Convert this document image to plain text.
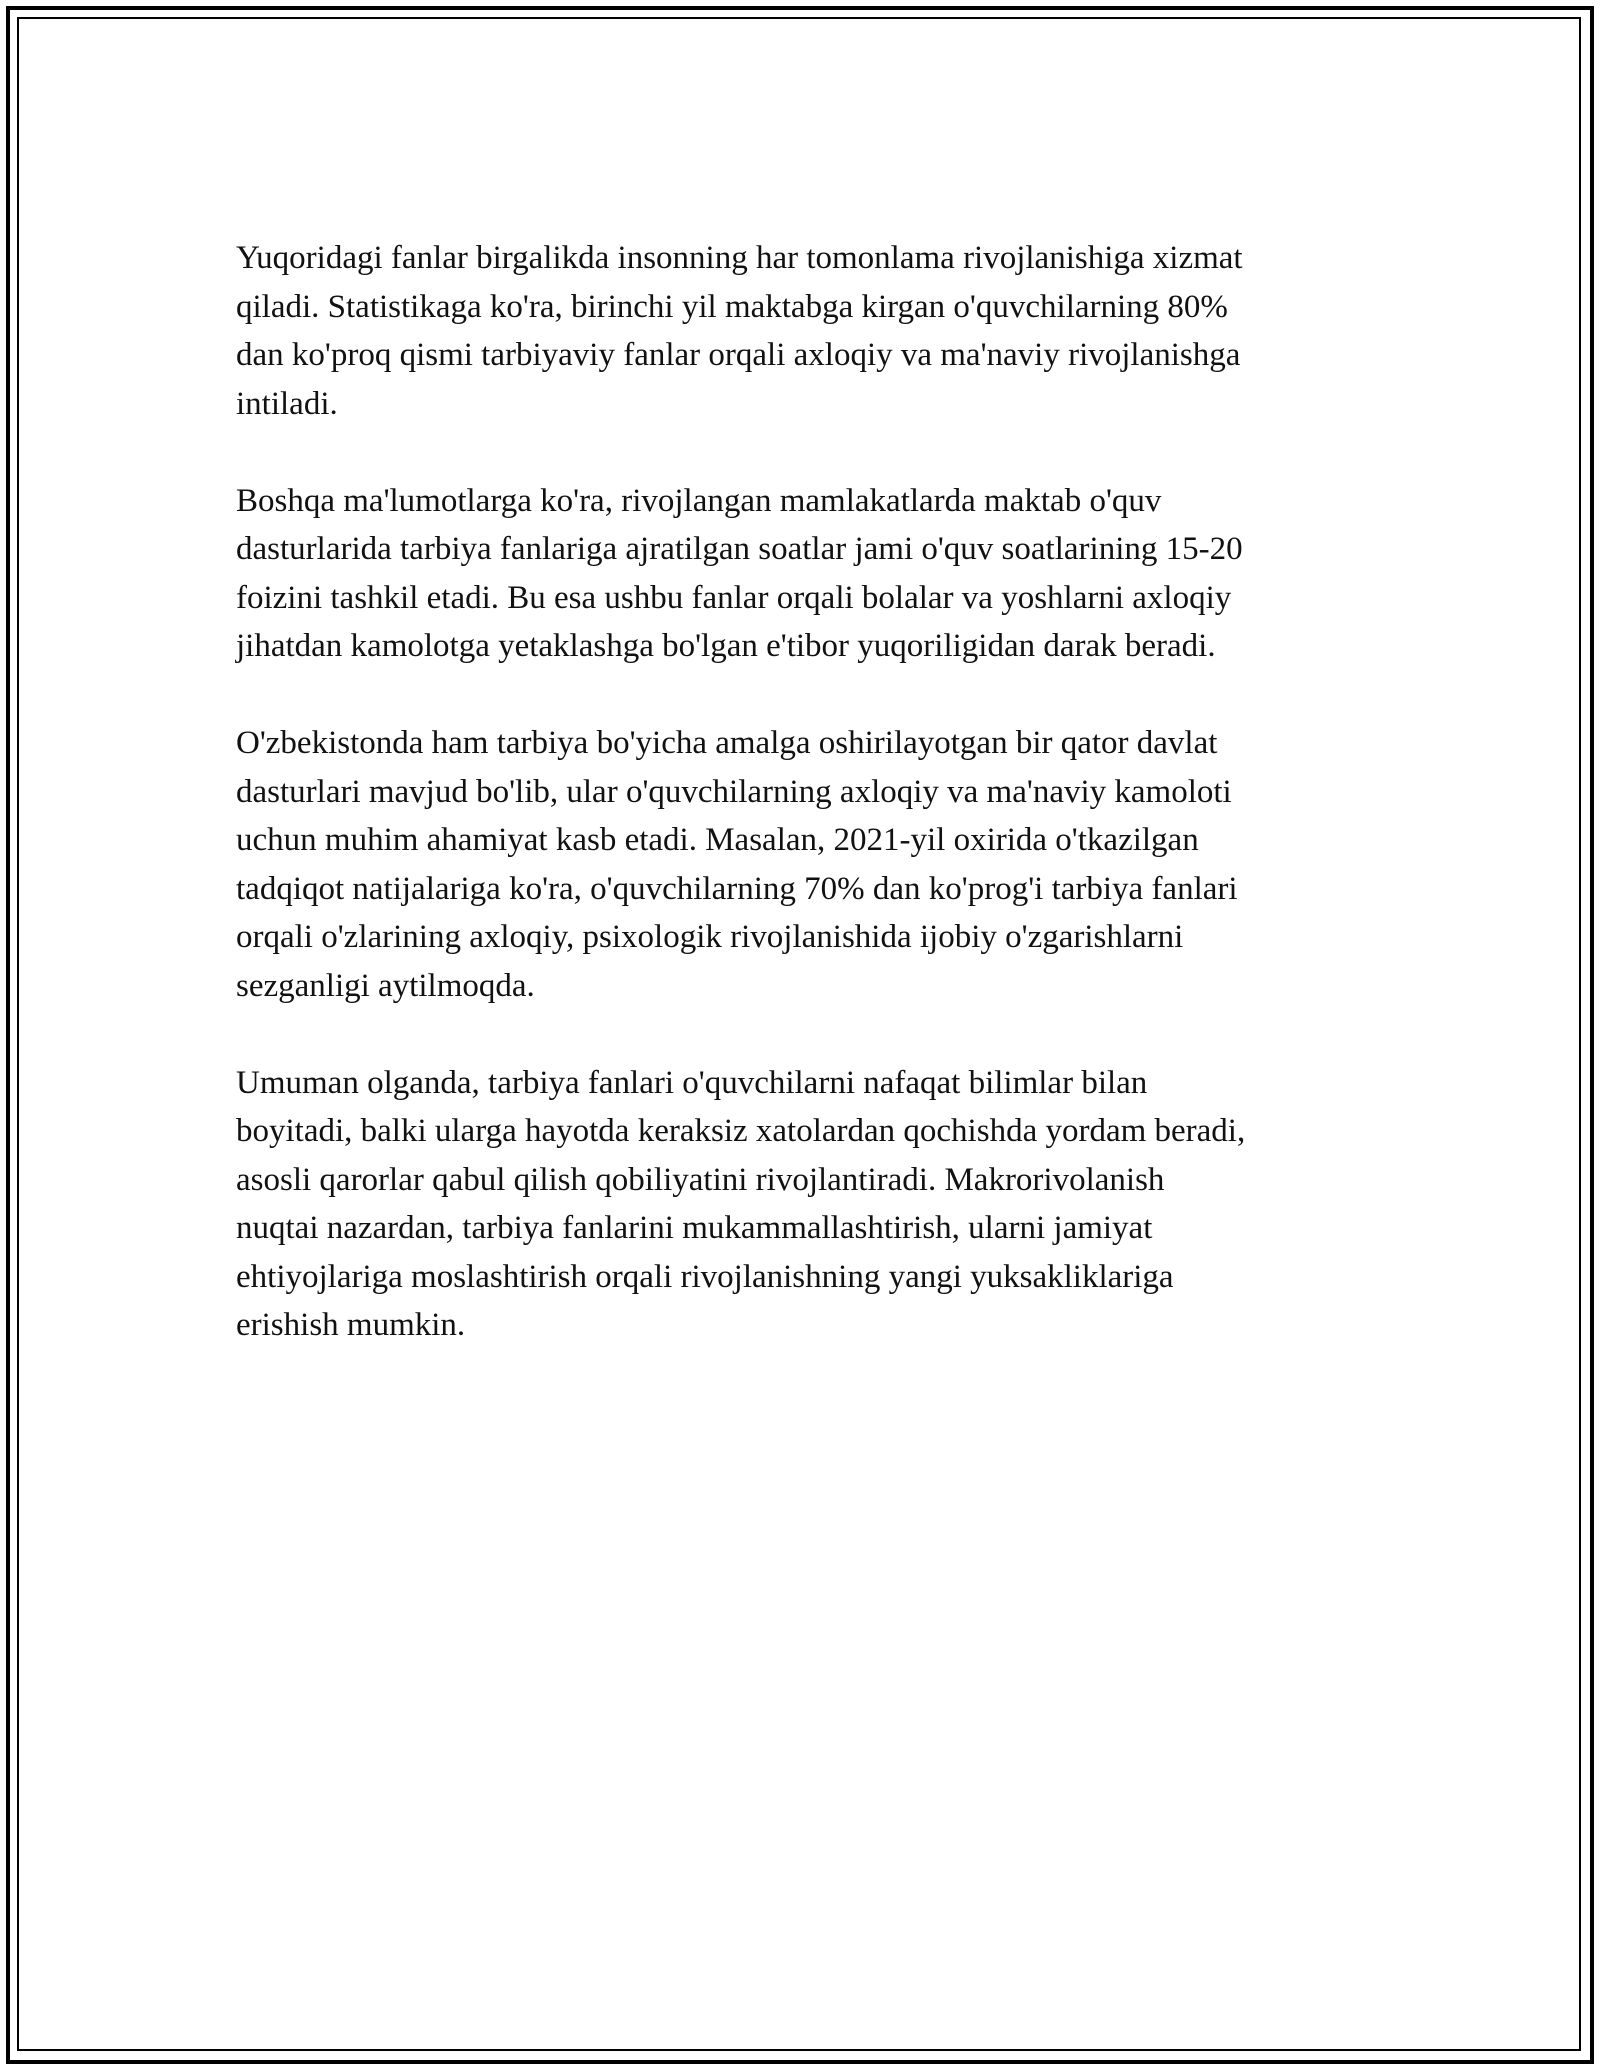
Yuqoridagi fanlar birgalikda insonning har tomonlama rivojlanishiga xizmat
qiladi. Statistikaga ko'ra, birinchi yil maktabga kirgan o'quvchilarning 80%
dan ko'proq qismi tarbiyaviy fanlar orqali axloqiy va ma'naviy rivojlanishga
intiladi.

Boshqa ma'lumotlarga ko'ra, rivojlangan mamlakatlarda maktab o'quv
dasturlarida tarbiya fanlariga ajratilgan soatlar jami o'quv soatlarining 15-20
foizini tashkil etadi. Bu esa ushbu fanlar orqali bolalar va yoshlarni axloqiy
jihatdan kamolotga yetaklashga bo'lgan e'tibor yuqoriligidan darak beradi.

O'zbekistonda ham tarbiya bo'yicha amalga oshirilayotgan bir qator davlat
dasturlari mavjud bo'lib, ular o'quvchilarning axloqiy va ma'naviy kamoloti
uchun muhim ahamiyat kasb etadi. Masalan, 2021-yil oxirida o'tkazilgan
tadqiqot natijalariga ko'ra, o'quvchilarning 70% dan ko'prog'i tarbiya fanlari
orqali o'zlarining axloqiy, psixologik rivojlanishida ijobiy o'zgarishlarni
sezganligi aytilmoqda.

Umuman olganda, tarbiya fanlari o'quvchilarni nafaqat bilimlar bilan
boyitadi, balki ularga hayotda keraksiz xatolardan qochishda yordam beradi,
asosli qarorlar qabul qilish qobiliyatini rivojlantiradi. Makrorivolanish
nuqtai nazardan, tarbiya fanlarini mukammallashtirish, ularni jamiyat
ehtiyojlariga moslashtirish orqali rivojlanishning yangi yuksakliklariga
erishish mumkin.
